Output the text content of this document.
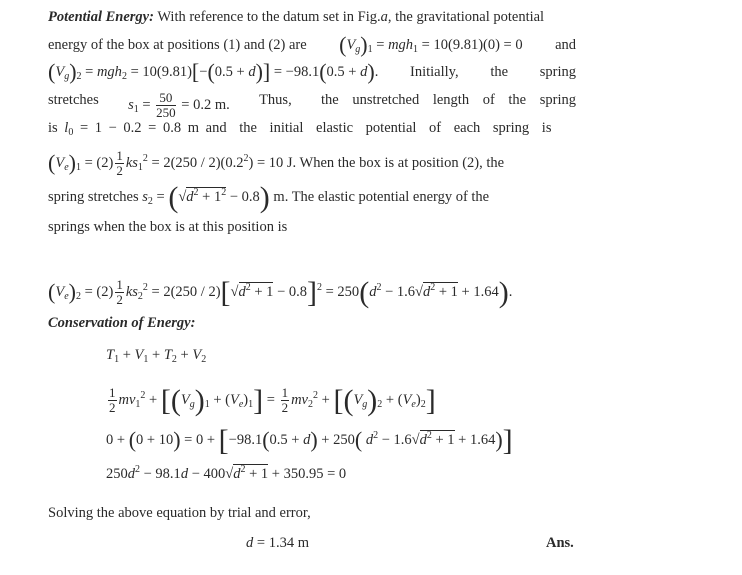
Potential Energy: With reference to the datum set in Fig.a, the gravitational potential
energy of the box at positions (1) and (2) are $(V_g)_1 = mgh_1 = 10(9.81)(0) = 0$ and
$(V_g)_2 = mgh_2 = 10(9.81)[-(0.5 + d)] = -98.1(0.5 + d)$. Initially, the spring
stretches $s_1 = \frac{50}{250} = 0.2$ m. Thus, the unstretched length of the spring
is $l_0 = 1 - 0.2 = 0.8$ m and the initial elastic potential of each spring is
$(V_e)_1 = (2) \frac{1}{2} ks_1^2 = 2(250 / 2)(0.2^2) = 10$ J. When the box is at position (2), the
spring stretches $s_2 = (√d^2 + 1^2 - 0.8)$ m. The elastic potential energy of the
springs when the box is at this position is
$(V_e)_2 = (2) \frac{1}{2} ks_2^2 = 2(250 / 2)[√d^2 + 1 - 0.8]^2 = 250(d^2 - 1.6√d^2 + 1 + 1.64)$.
Conservation of Energy:
$T_1 + V_1 + T_2 + V_2$
$\frac{1}{2} mv_1^2 + [(V_g)_1 + (V_e)_1] = \frac{1}{2} mv_2^2 + [(V_g)_2 + (V_e)_2]$
0 + (0 + 10) = 0 + [−98.1(0.5 + d) + 250( $d^2 - 1.6√d^2 + 1 + 1.64$)]
$250d^2 - 98.1d - 400√d^2 + 1 + 350.95 = 0$
Solving the above equation by trial and error,
d = 1.34 m	Ans.
